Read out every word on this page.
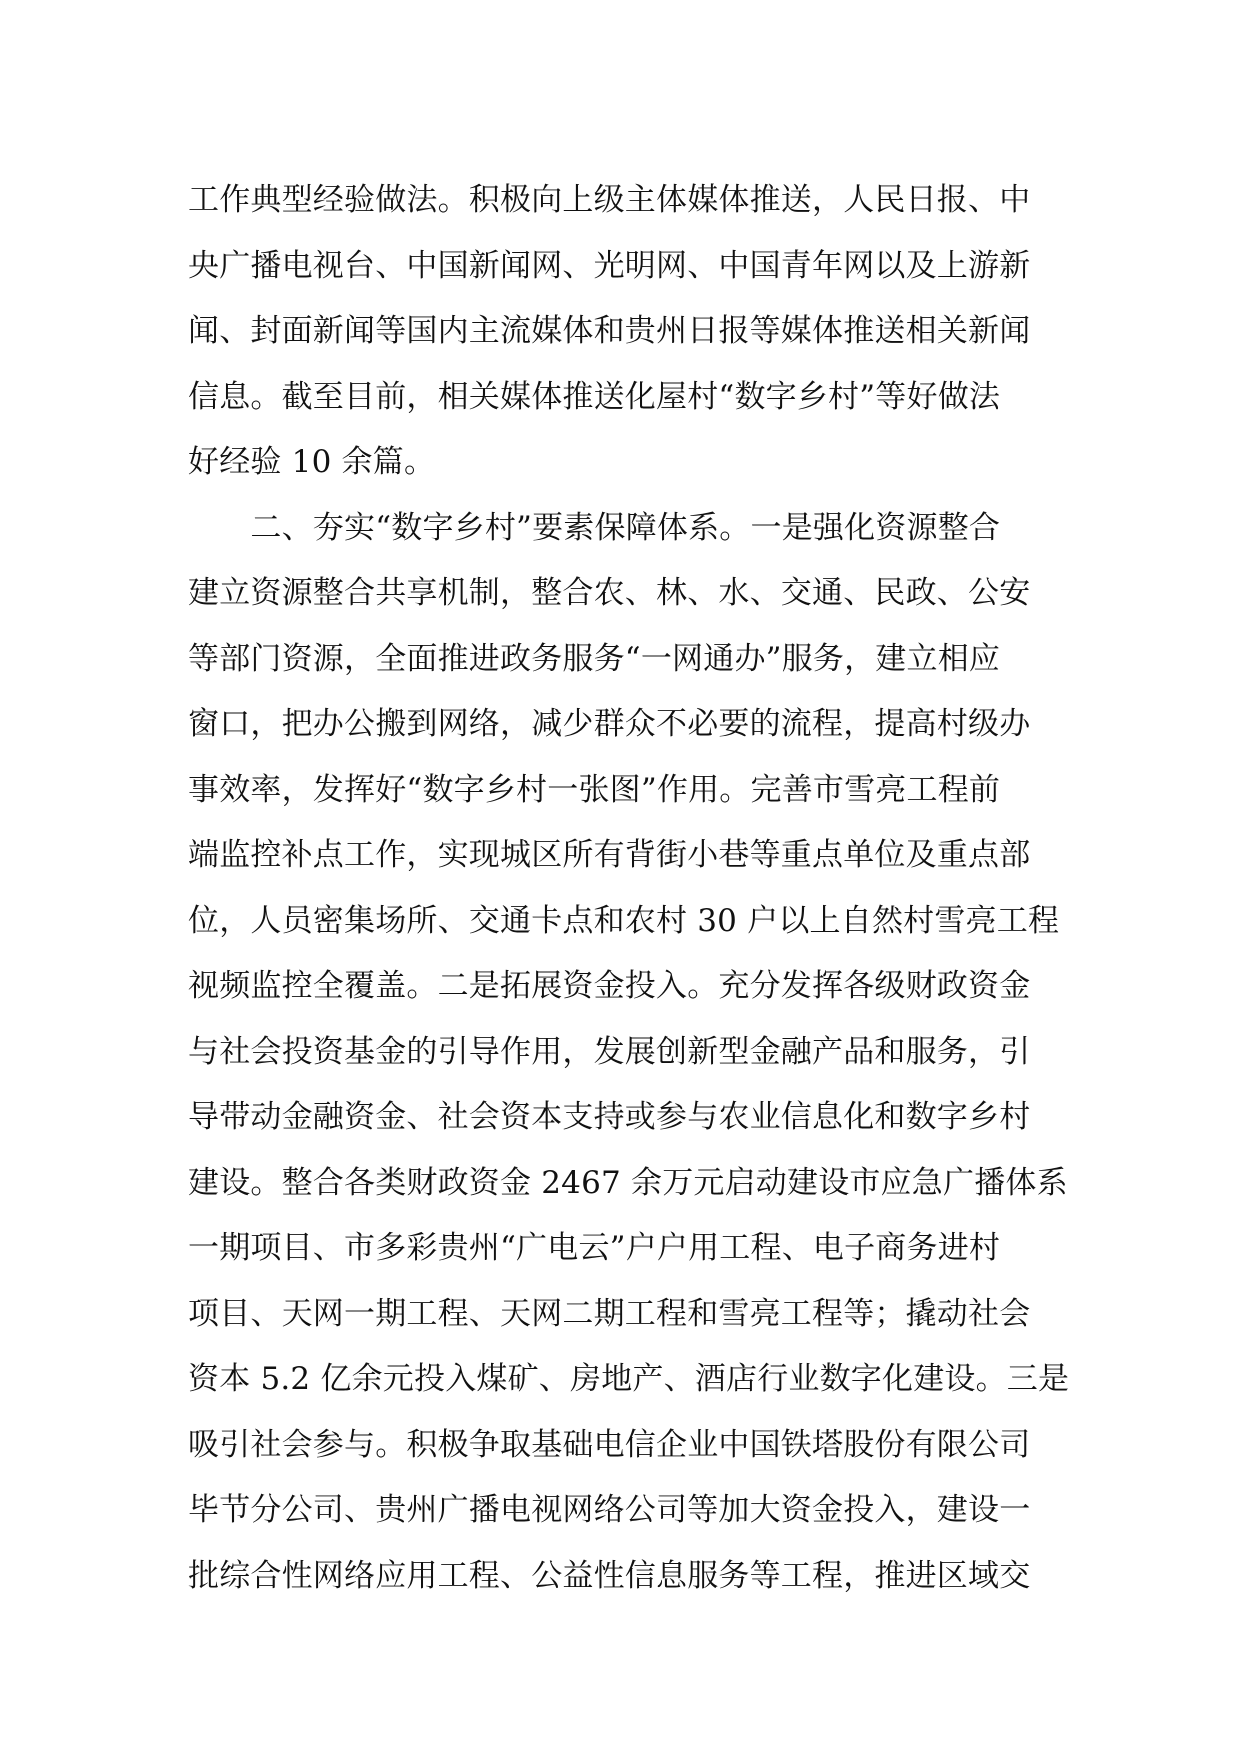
工作典型经验做法。积极向上级主体媒体推送，人民日报、中
央广播电视台、中国新闻网、光明网、中国青年网以及上游新
闻、封面新闻等国内主流媒体和贵州日报等媒体推送相关新闻
信息。截至目前，相关媒体推送化屋村“数字乡村”等好做法
好经验 10 余篇。
　　二、夯实“数字乡村”要素保障体系。一是强化资源整合
建立资源整合共享机制，整合农、林、水、交通、民政、公安
等部门资源，全面推进政务服务“一网通办”服务，建立相应
窗口，把办公搬到网络，减少群众不必要的流程，提高村级办
事效率，发挥好“数字乡村一张图”作用。完善市雪亮工程前
端监控补点工作，实现城区所有背街小巷等重点单位及重点部
位，人员密集场所、交通卡点和农村 30 户以上自然村雪亮工程
视频监控全覆盖。二是拓展资金投入。充分发挥各级财政资金
与社会投资基金的引导作用，发展创新型金融产品和服务，引
导带动金融资金、社会资本支持或参与农业信息化和数字乡村
建设。整合各类财政资金 2467 余万元启动建设市应急广播体系
一期项目、市多彩贵州“广电云”户户用工程、电子商务进村
项目、天网一期工程、天网二期工程和雪亮工程等；撬动社会
资本 5.2 亿余元投入煤矿、房地产、酒店行业数字化建设。三是
吸引社会参与。积极争取基础电信企业中国铁塔股份有限公司
毕节分公司、贵州广播电视网络公司等加大资金投入，建设一
批综合性网络应用工程、公益性信息服务等工程，推进区域交
